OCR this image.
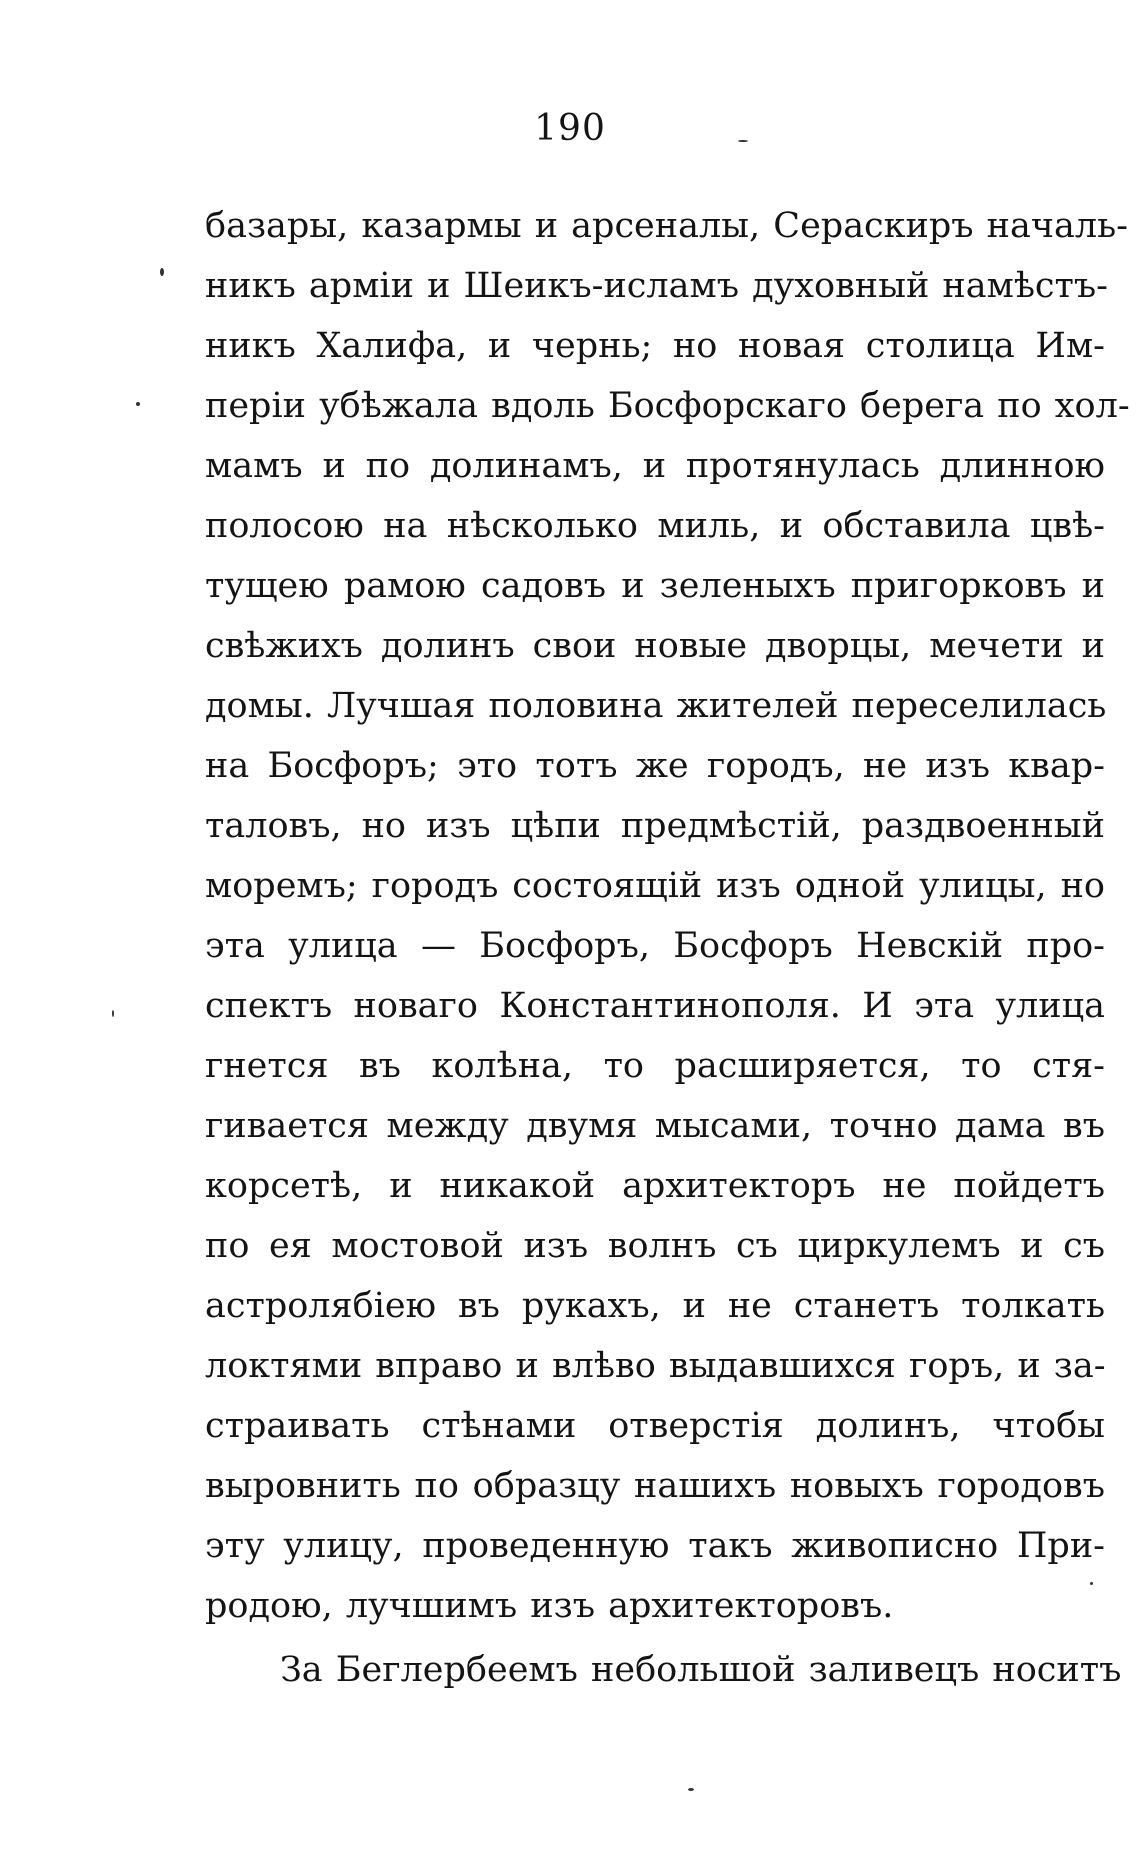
190
базары, казармы и арсеналы, Сераскиръ началь-
никъ армiи и Шеикъ-исламъ духовный намѣстъ-
никъ Халифа, и чернь; но новая столица Им-
перiи убѣжала вдоль Босфорскаго берега по хол-
мамъ и по долинамъ, и протянулась длинною
полосою на нѣсколько миль, и обставила цвѣ-
тущею рамою садовъ и зеленыхъ пригорковъ и
свѣжихъ долинъ свои новые дворцы, мечети и
домы. Лучшая половина жителей переселилась
на Босфоръ; это тотъ же городъ, не изъ квар-
таловъ, но изъ цѣпи предмѣстiй, раздвоенный
моремъ; городъ состоящiй изъ одной улицы, но
эта улица — Босфоръ, Босфоръ Невскiй про-
спектъ новаго Константинополя. И эта улица
гнется въ колѣна, то расширяется, то стя-
гивается между двумя мысами, точно дама въ
корсетѣ, и никакой архитекторъ не пойдетъ
по ея мостовой изъ волнъ съ циркулемъ и съ
астролябiею въ рукахъ, и не станетъ толкать
локтями вправо и влѣво выдавшихся горъ, и за-
страивать стѣнами отверстiя долинъ, чтобы
выровнить по образцу нашихъ новыхъ городовъ
эту улицу, проведенную такъ живописно При-
родою, лучшимъ изъ архитекторовъ.
За Беглербеемъ небольшой заливецъ носитъ
